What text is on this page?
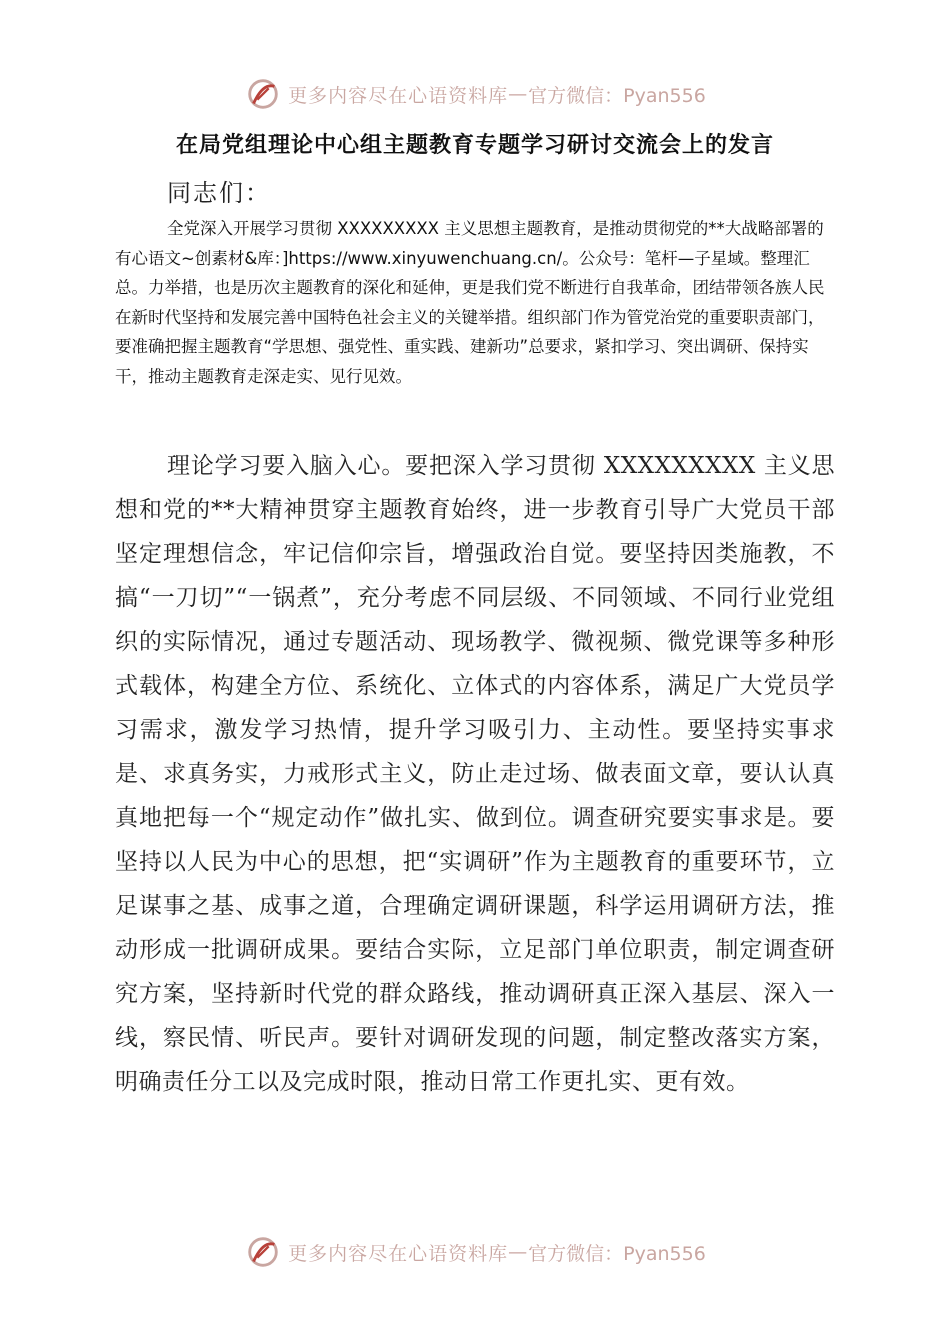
更多内容尽在心语资料库 — 官方微信：Pyan556
在局党组理论中心组主题教育专题学习研讨交流会上的发言
同志们：

全党深入开展学习贯彻 XXXXXXXXX 主义思想主题教育，是推动贯彻党的**大战略部署的有心语文~创素材&库：]https://www.xinyuwenchuang.cn/。公众号：笔杆—子星域。整理汇总。力举措，也是历次主题教育的深化和延伸，更是我们党不断进行自我革命，团结带领各族人民在新时代坚持和发展完善中国特色社会主义的关键举措。组织部门作为管党治党的重要职责部门，要准确把握主题教育“学思想、强党性、重实践、建新功”总要求，紧扣学习、突出调研、保持实干，推动主题教育走深走实、见行见效。

理论学习要入脑入心。要把深入学习贯彻 XXXXXXXXX 主义思想和党的**大精神贯穿主题教育始终，进一步教育引导广大党员干部坚定理想信念，牢记信仰宗旨，增强政治自觉。要坚持因类施教，不搞“一刀切”“一锅煮”，充分考虑不同层级、不同领域、不同行业党组织的实际情况，通过专题活动、现场教学、微视频、微党课等多种形式载体，构建全方位、系统化、立体式的内容体系，满足广大党员学习需求，激发学习热情，提升学习吸引力、主动性。要坚持实事求是、求真务实，力戒形式主义，防止走过场、做表面文章，要认认真真地把每一个“规定动作”做扎实、做到位。调查研究要实事求是。要坚持以人民为中心的思想，把“实调研”作为主题教育的重要环节，立足谋事之基、成事之道，合理确定调研课题，科学运用调研方法，推动形成一批调研成果。要结合实际，立足部门单位职责，制定调查研究方案，坚持新时代党的群众路线，推动调研真正深入基层、深入一线，察民情、听民声。要针对调研发现的问题，制定整改落实方案，明确责任分工以及完成时限，推动日常工作更扎实、更有效。

更多内容尽在心语资料库 — 官方微信：Pyan556
